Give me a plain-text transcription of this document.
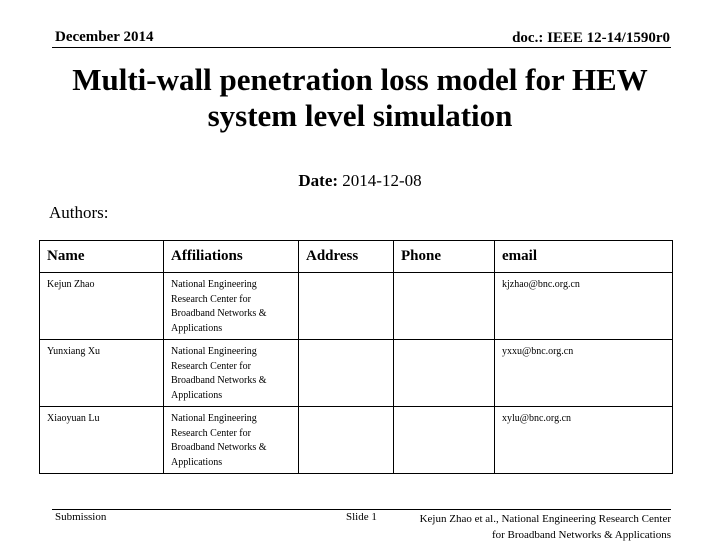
December 2014	doc.: IEEE 12-14/1590r0
Multi-wall penetration loss model for HEW system level simulation
Date: 2014-12-08
Authors:
Name	Affiliations	Address	Phone	email
Kejun Zhao	National Engineering Research Center for Broadband Networks & Applications			kjzhao@bnc.org.cn
Yunxiang Xu	National Engineering Research Center for Broadband Networks & Applications			yxxu@bnc.org.cn
Xiaoyuan Lu	National Engineering Research Center for Broadband Networks & Applications			xylu@bnc.org.cn
Submission	Slide 1	Kejun Zhao et al., National Engineering Research Center for Broadband Networks & Applications
